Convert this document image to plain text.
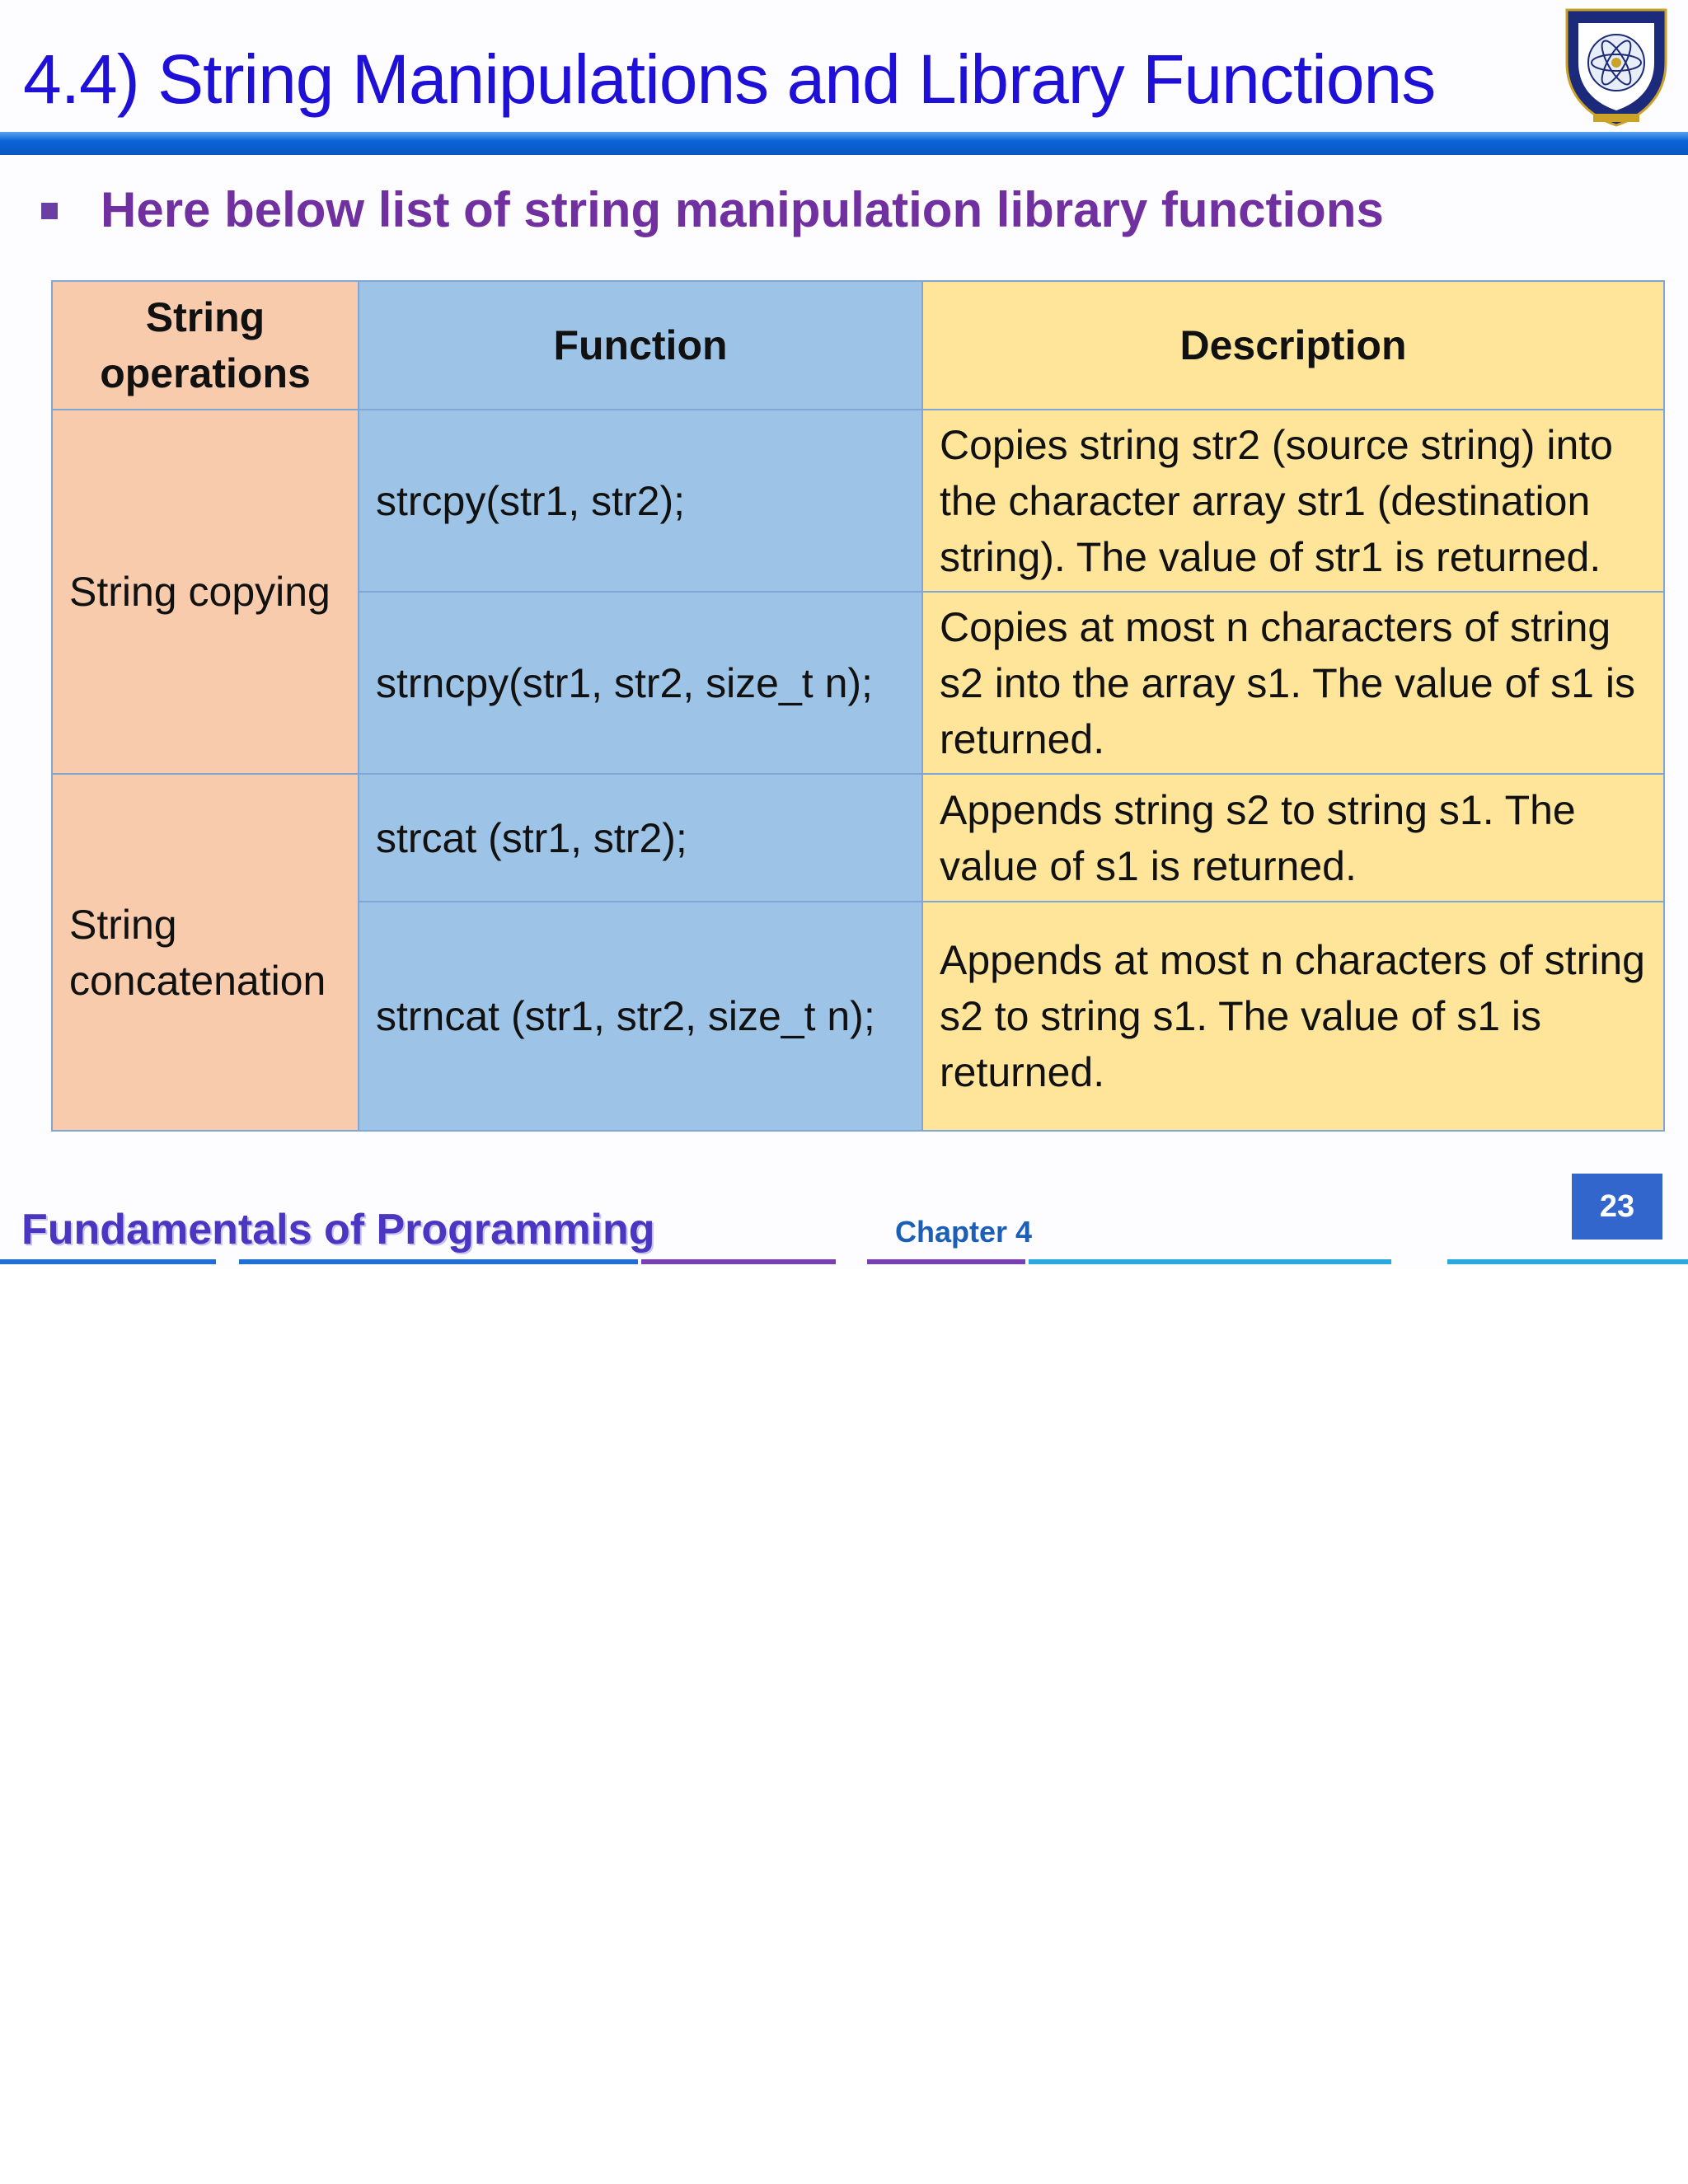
4.4) String Manipulations and Library Functions
Here below list of string manipulation library functions
String operations	Function	Description
String copying	strcpy(str1, str2);	Copies string str2 (source string) into the character array str1 (destination string). The value of str1 is returned.
	strncpy(str1, str2, size_t n);	Copies at most n characters of string s2 into the array s1. The value of s1 is returned.
String concatenation	strcat (str1, str2);	Appends string s2 to string s1. The value of s1 is returned.
	strncat (str1, str2, size_t n);	Appends at most n characters of string s2 to string s1. The value of s1 is returned.
23
Fundamentals of Programming	Chapter 4
